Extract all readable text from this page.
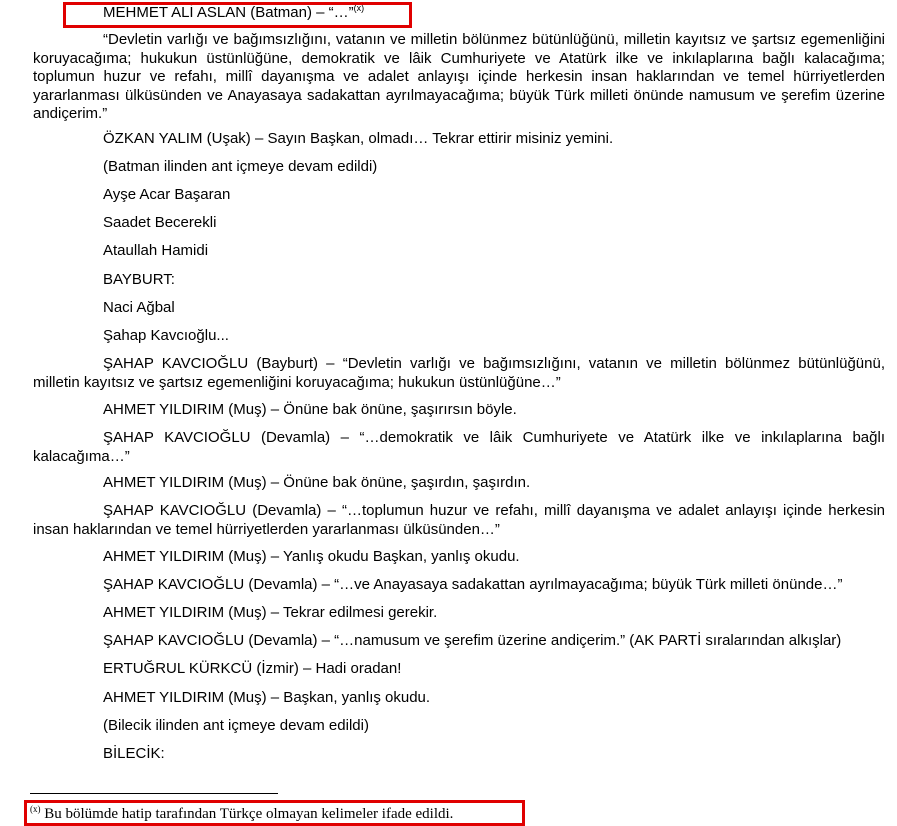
MEHMET ALİ ASLAN (Batman) – “…”$^{(x)}$

“Devletin varlığı ve bağımsızlığını, vatanın ve milletin bölünmez bütünlüğünü, milletin kayıtsız ve şartsız egemenliğini koruyacağıma; hukukun üstünlüğüne, demokratik ve lâik Cumhuriyete ve Atatürk ilke ve inkılaplarına bağlı kalacağıma; toplumun huzur ve refahı, millî dayanışma ve adalet anlayışı içinde herkesin insan haklarından ve temel hürriyetlerden yararlanması ülküsünden ve Anayasaya sadakattan ayrılmayacağıma; büyük Türk milleti önünde namusum ve şerefim üzerine andiçerim.”

ÖZKAN YALIM (Uşak) – Sayın Başkan, olmadı… Tekrar ettirir misiniz yemini.

(Batman ilinden ant içmeye devam edildi)

Ayşe Acar Başaran

Saadet Becerekli

Ataullah Hamidi

BAYBURT:

Naci Ağbal

Şahap Kavcıoğlu...

ŞAHAP KAVCIOĞLU (Bayburt) – “Devletin varlığı ve bağımsızlığını, vatanın ve milletin bölünmez bütünlüğünü, milletin kayıtsız ve şartsız egemenliğini koruyacağıma; hukukun üstünlüğüne…”

AHMET YILDIRIM (Muş) – Önüne bak önüne, şaşırırsın böyle.

ŞAHAP KAVCIOĞLU (Devamla) – “…demokratik ve lâik Cumhuriyete ve Atatürk ilke ve inkılaplarına bağlı kalacağıma…”

AHMET YILDIRIM (Muş) – Önüne bak önüne, şaşırdın, şaşırdın.

ŞAHAP KAVCIOĞLU (Devamla) – “…toplumun huzur ve refahı, millî dayanışma ve adalet anlayışı içinde herkesin insan haklarından ve temel hürriyetlerden yararlanması ülküsünden…”

AHMET YILDIRIM (Muş) – Yanlış okudu Başkan, yanlış okudu.

ŞAHAP KAVCIOĞLU (Devamla) – “…ve Anayasaya sadakattan ayrılmayacağıma; büyük Türk milleti önünde…”

AHMET YILDIRIM (Muş) – Tekrar edilmesi gerekir.

ŞAHAP KAVCIOĞLU (Devamla) – “…namusum ve şerefim üzerine andiçerim.” (AK PARTİ sıralarından alkışlar)

ERTUĞRUL KÜRKCÜ (İzmir) – Hadi oradan!

AHMET YILDIRIM (Muş) – Başkan, yanlış okudu.

(Bilecik ilinden ant içmeye devam edildi)

BİLECİK:

$^{(x)}$ Bu bölümde hatip tarafından Türkçe olmayan kelimeler ifade edildi.
